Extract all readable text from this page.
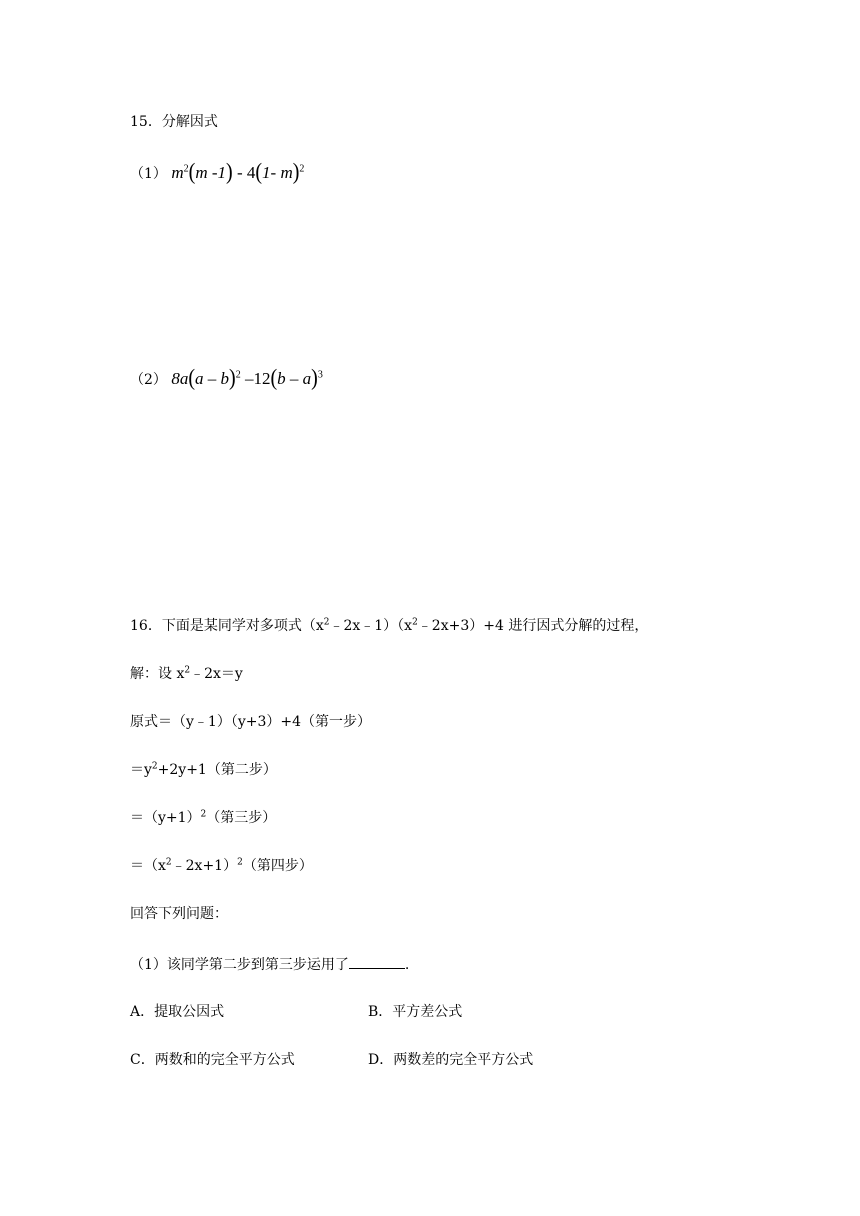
15．分解因式
（1） $m^2(m$ -1) - 4(1- m)$^2$
（2） 8a(a – b)$^2$ –12(b – a)$^3$
16．下面是某同学对多项式$(x^2﹣2x﹣1)(x^2﹣2x+3)+4$ 进行因式分解的过程，
解：设 $x^2﹣2x=y$
原式＝（y﹣1）（y+3）+4（第一步）
$=y^2+2y+1$（第二步）
$=(y+1)^2$（第三步）
$=(x^2﹣2x+1)^2$（第四步）
回答下列问题：
（1）该同学第二步到第三步运用了	.
A．提取公因式	B．平方差公式
C．两数和的完全平方公式	D．两数差的完全平方公式
